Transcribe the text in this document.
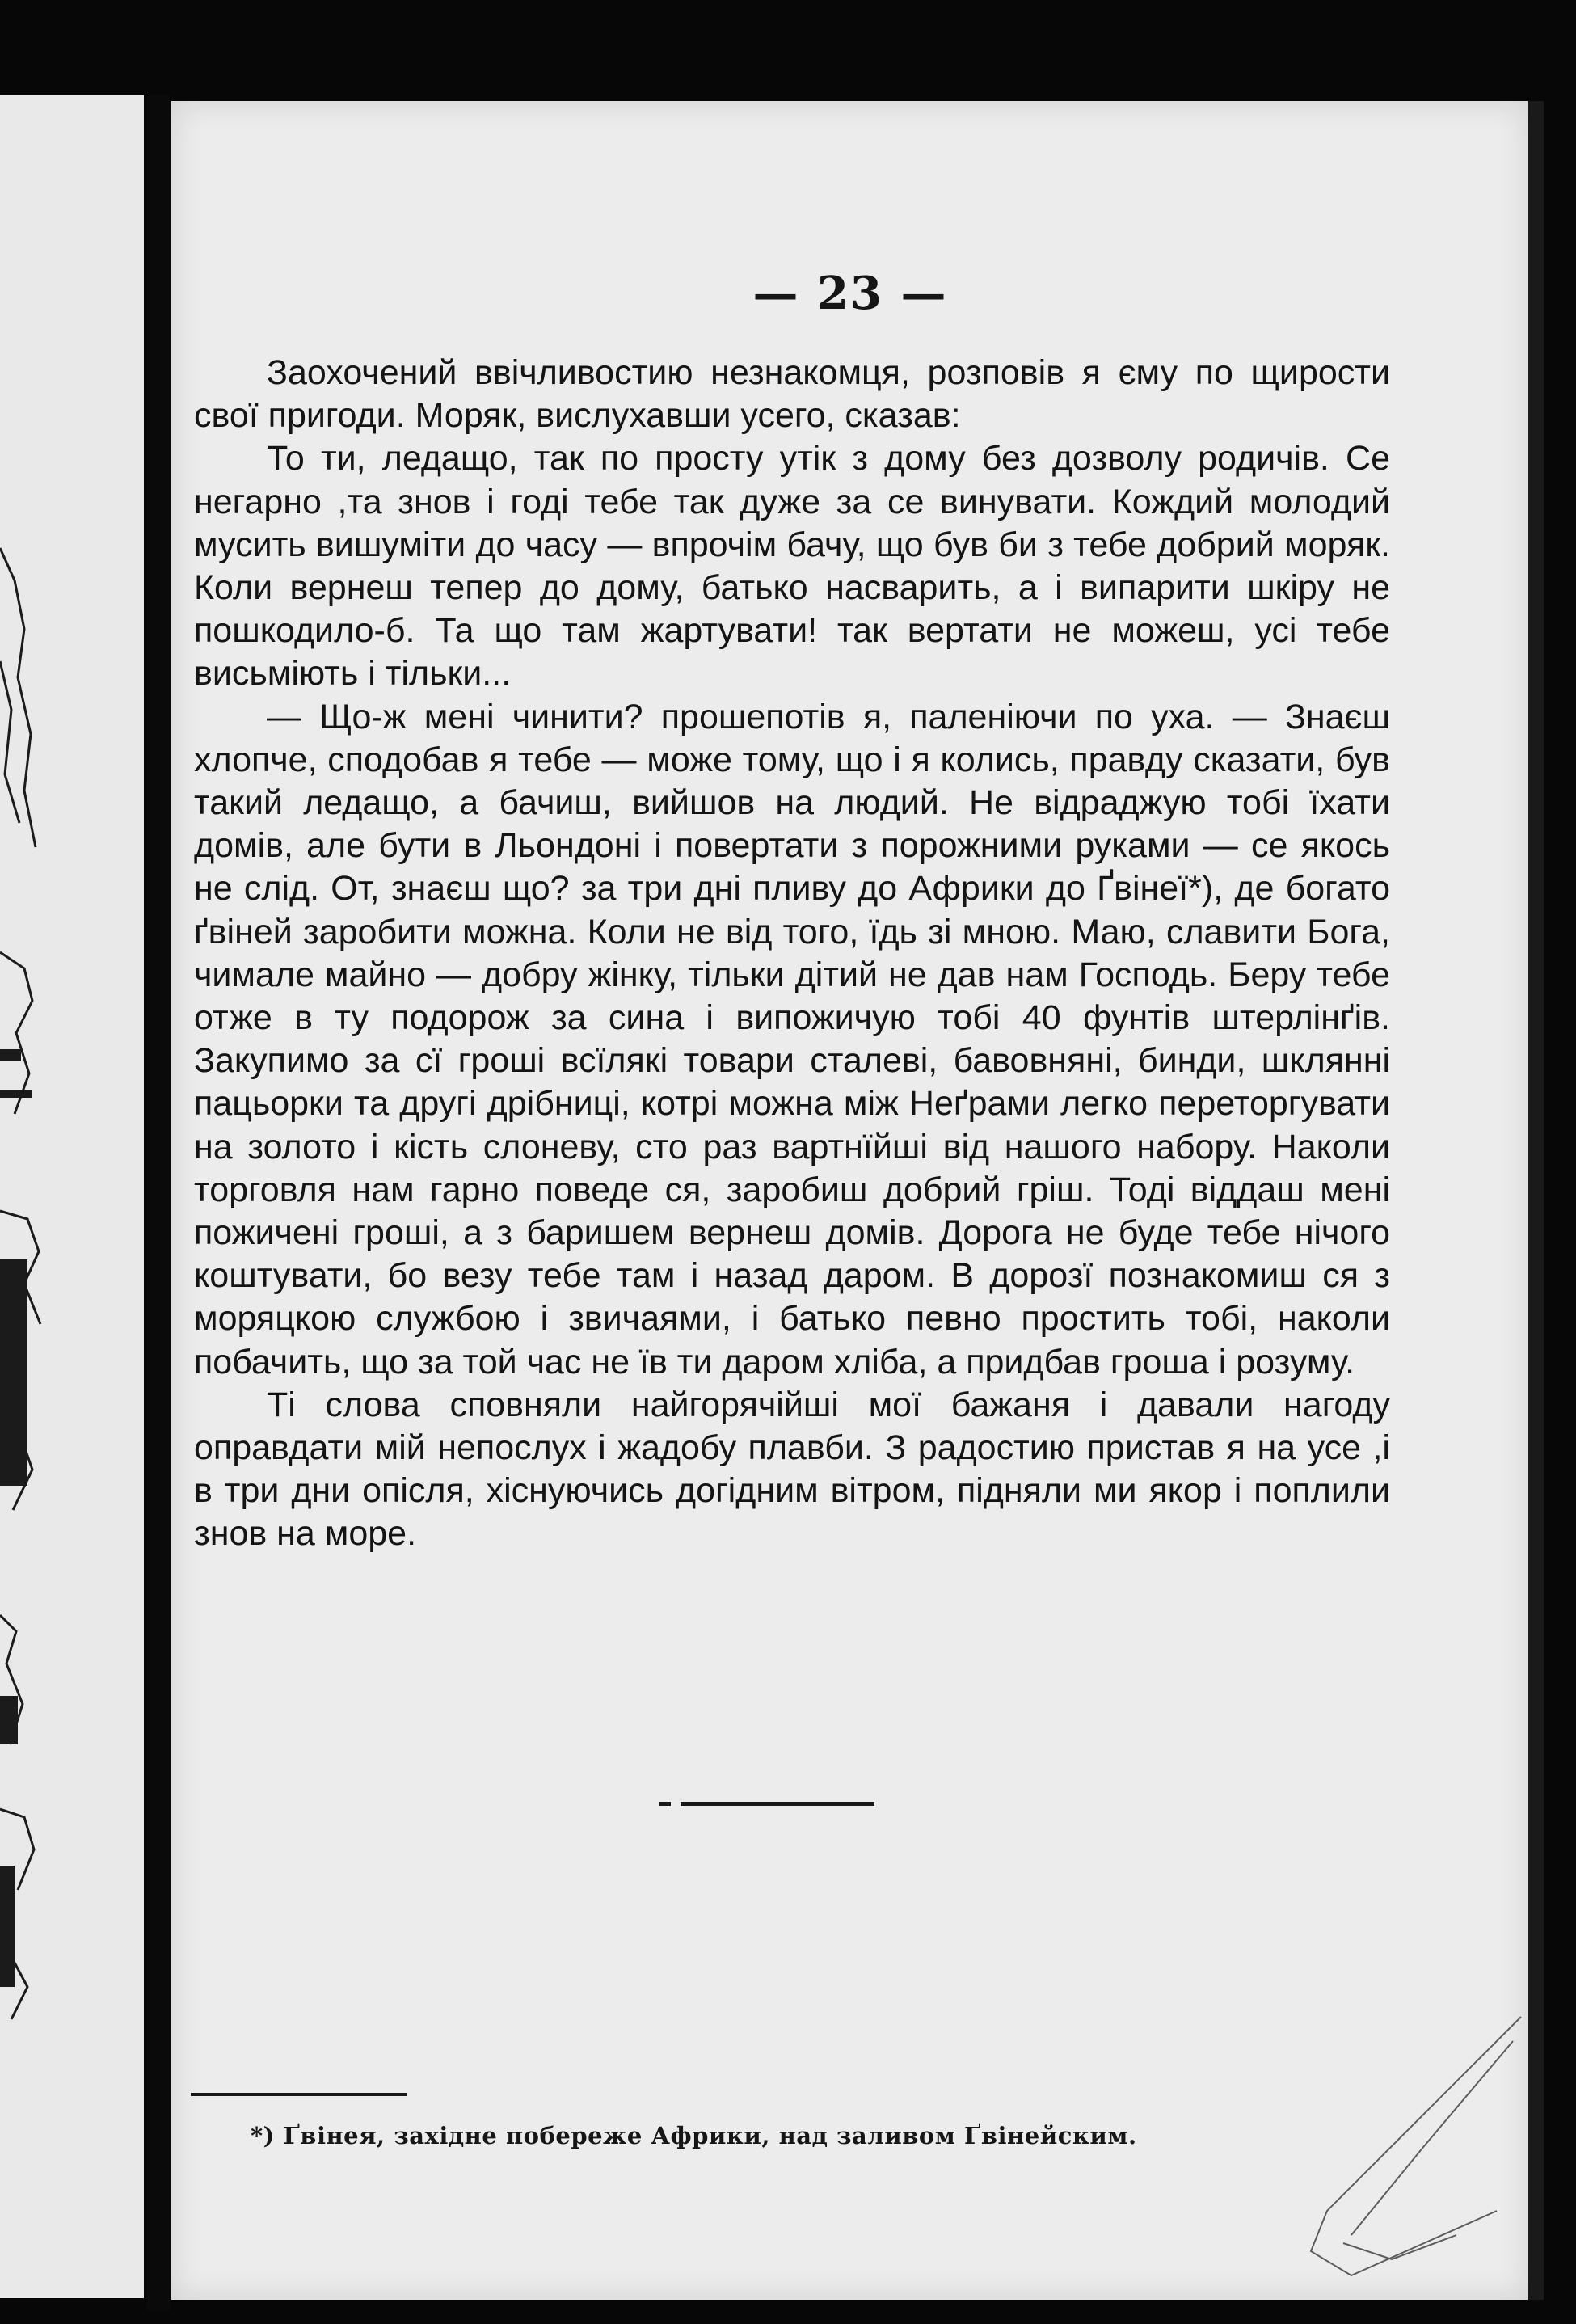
— 23 —

Заохочений ввічливостию незнакомця, розповів я єму по щирости свої пригоди. Моряк, вислухавши усего, сказав:

То ти, ледащо, так по просту утік з дому без дозволу родичів. Се негарно ,та знов і годі тебе так дуже за се винувати. Кождий молодий мусить вишуміти до часу — впрочім бачу, що був би з тебе добрий моряк. Коли вернеш тепер до дому, батько насварить, а і випарити шкіру не пошкодило-б. Та що там жартувати! так вертати не можеш, усі тебе висьміють і тільки...

— Що-ж мені чинити? прошепотів я, паленіючи по уха. — Знаєш хлопче, сподобав я тебе — може тому, що і я колись, правду сказати, був такий ледащо, а бачиш, вийшов на людий. Не відраджую тобі їхати домів, але бути в Льондоні і повертати з порожними руками — се якось не слід. От, знаєш що? за три дні пливу до Африки до Ґвінеї*), де богато ґвіней заробити можна. Коли не від того, їдь зі мною. Маю, славити Бога, чимале майно — добру жінку, тільки дітий не дав нам Господь. Беру тебе отже в ту подорож за сина і випожичую тобі 40 фунтів штерлінґів. Закупимо за сї гроші всїлякі товари сталеві, бавовняні, бинди, шклянні пацьорки та другі дрібниці, котрі можна між Неґрами легко переторгувати на золото і кість слоневу, сто раз вартнїйші від нашого набору. Наколи торговля нам гарно поведе ся, заробиш добрий гріш. Тоді віддаш мені пожичені гроші, а з баришем вернеш домів. Дорога не буде тебе нічого коштувати, бо везу тебе там і назад даром. В дорозї познакомиш ся з моряцкою службою і звичаями, і батько певно простить тобі, наколи побачить, що за той час не їв ти даром хліба, а придбав гроша і розуму.

Ті слова сповняли найгорячійші мої бажаня і давали нагоду оправдати мій непослух і жадобу плавби. З радостию пристав я на усе ,і в три дни опісля, хіснуючись догідним вітром, підняли ми якор і поплили знов на море.

*) Ґвінея, західне побереже Африки, над заливом Ґвінейским.
